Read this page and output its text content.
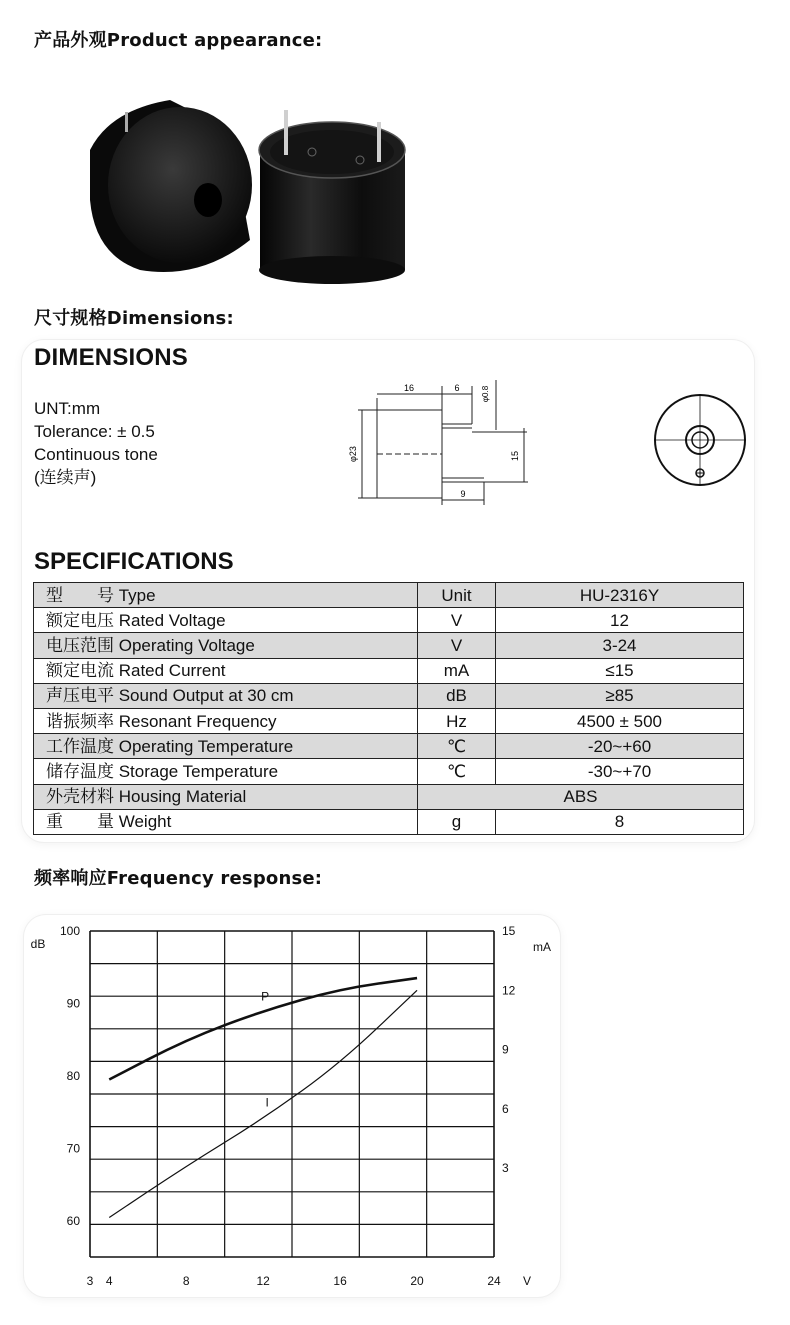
产品外观Product appearance:
尺寸规格Dimensions:
DIMENSIONS
UNT:mm
Tolerance: ± 0.5
Continuous tone
(连续声)
16	6	φ0.8
φ23	15
9
SPECIFICATIONS
型　　号 Type	Unit	HU-2316Y
额定电压 Rated Voltage	V	12
电压范围 Operating Voltage	V	3-24
额定电流 Rated Current	mA	≤15
声压电平 Sound Output at 30 cm	dB	≥85
谐振频率 Resonant Frequency	Hz	4500 ± 500
工作温度 Operating Temperature	℃	-20~+60
储存温度 Storage Temperature	℃	-30~+70
外壳材料 Housing Material	ABS	
重　　量 Weight	g	8
频率响应Frequency response:
3 4	8	12	16	20	24 V
100
90
80
70
60
dB
15
12
9
6
3
mA
P
I
